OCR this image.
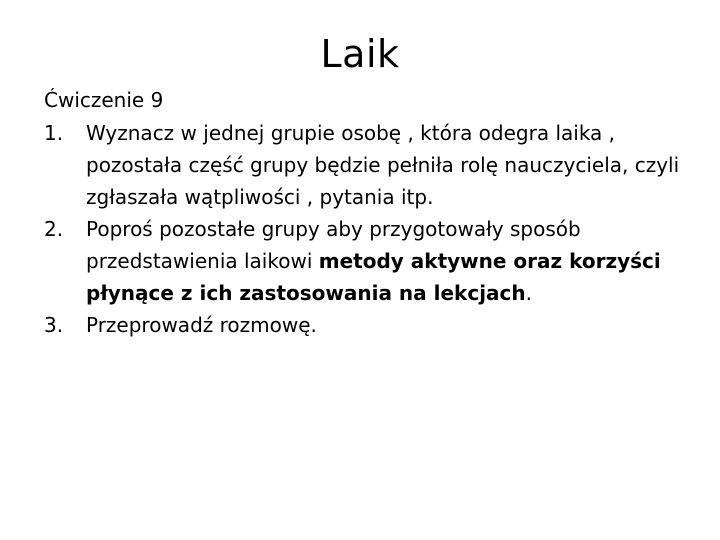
Laik
Ćwiczenie 9
1. Wyznacz w jednej grupie osobę , która odegra laika , pozostała część grupy będzie pełniła rolę nauczyciela, czyli zgłaszała wątpliwości , pytania itp.
2. Poproś pozostałe grupy aby przygotowały sposób przedstawienia laikowi metody aktywne oraz korzyści płynące z ich zastosowania na lekcjach.
3. Przeprowadź rozmowę.
